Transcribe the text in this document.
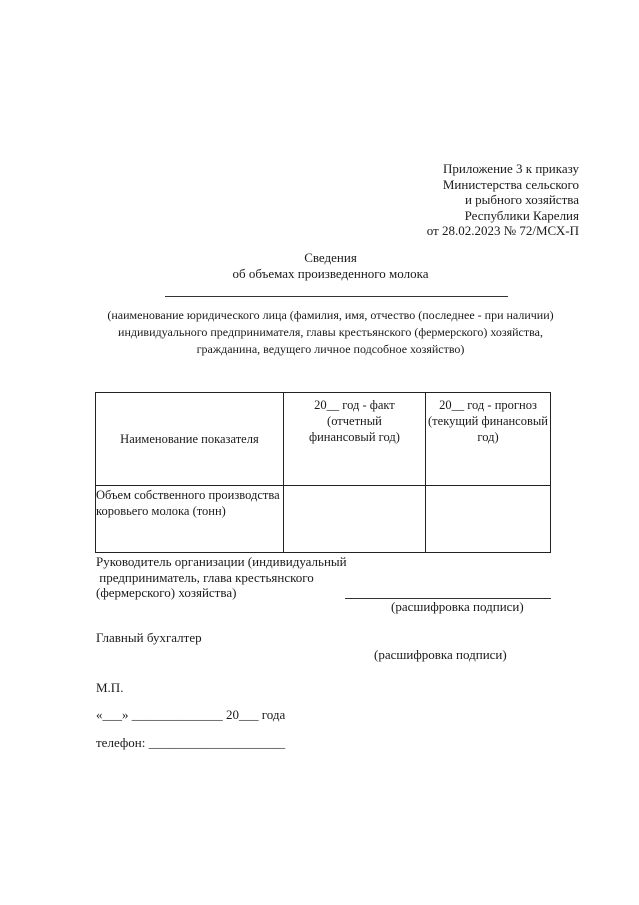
Приложение 3 к приказу
Министерства сельского
и рыбного хозяйства
Республики Карелия
от 28.02.2023 № 72/МСХ-П
Сведения
об объемах произведенного молока
(наименование юридического лица (фамилия, имя, отчество (последнее - при наличии)
индивидуального предпринимателя, главы крестьянского (фермерского) хозяйства,
гражданина, ведущего личное подсобное хозяйство)
Наименование показателя	20__ год - факт (отчетный финансовый год)	20__ год - прогноз (текущий финансовый год)

Объем собственного производства коровьего молока (тонн)		

Руководитель организации (индивидуальный
предприниматель, глава крестьянского
(фермерского) хозяйства)
(расшифровка подписи)
Главный бухгалтер
(расшифровка подписи)
М.П.
«___» ______________ 20___ года
телефон: _____________________
